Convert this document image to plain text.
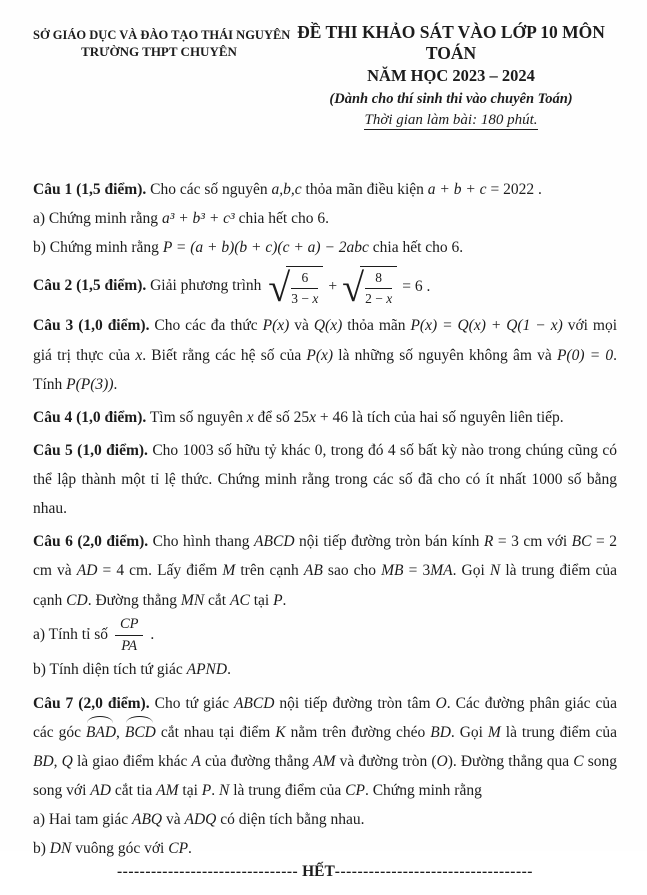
SỞ GIÁO DỤC VÀ ĐÀO TẠO THÁI NGUYÊN
TRƯỜNG THPT CHUYÊN
ĐỀ THI KHẢO SÁT VÀO LỚP 10 MÔN TOÁN
NĂM HỌC 2023 – 2024
(Dành cho thí sinh thi vào chuyên Toán)
Thời gian làm bài: 180 phút.

Câu 1 (1,5 điểm). Cho các số nguyên a,b,c thỏa mãn điều kiện a + b + c = 2022 .

a) Chứng minh rằng a³ + b³ + c³ chia hết cho 6.

b) Chứng minh rằng P = (a + b)(b + c)(c + a) − 2abc chia hết cho 6.

Câu 2 (1,5 điểm). Giải phương trình √ $\frac{6}{3 - x}$ + √ $\frac{8}{2 - x} = 6$ .

Câu 3 (1,0 điểm). Cho các đa thức P(x) và Q(x) thỏa mãn P(x) = Q(x) + Q(1 − x) với mọi giá trị thực của x. Biết rằng các hệ số của P(x) là những số nguyên không âm và P(0) = 0. Tính P(P(3)).

Câu 4 (1,0 điểm). Tìm số nguyên x để số 25x + 46 là tích của hai số nguyên liên tiếp.

Câu 5 (1,0 điểm). Cho 1003 số hữu tỷ khác 0, trong đó 4 số bất kỳ nào trong chúng cũng có thể lập thành một tỉ lệ thức. Chứng minh rằng trong các số đã cho có ít nhất 1000 số bằng nhau.

Câu 6 (2,0 điểm). Cho hình thang ABCD nội tiếp đường tròn bán kính R = 3 cm với BC = 2 cm và AD = 4 cm. Lấy điểm M trên cạnh AB sao cho MB = 3MA. Gọi N là trung điểm của cạnh CD. Đường thẳng MN cắt AC tại P.

a) Tính tỉ số $\frac{CP}{PA}$ .

b) Tính diện tích tứ giác APND.

Câu 7 (2,0 điểm). Cho tứ giác ABCD nội tiếp đường tròn tâm O. Các đường phân giác của các góc BAD, BCD cắt nhau tại điểm K nằm trên đường chéo BD. Gọi M là trung điểm của BD, Q là giao điểm khác A của đường thẳng AM và đường tròn (O). Đường thẳng qua C song song với AD cắt tia AM tại P. N là trung điểm của CP. Chứng minh rằng

a) Hai tam giác ABQ và ADQ có diện tích bằng nhau.

b) DN vuông góc với CP.

-------------------------------- HẾT-----------------------------------
